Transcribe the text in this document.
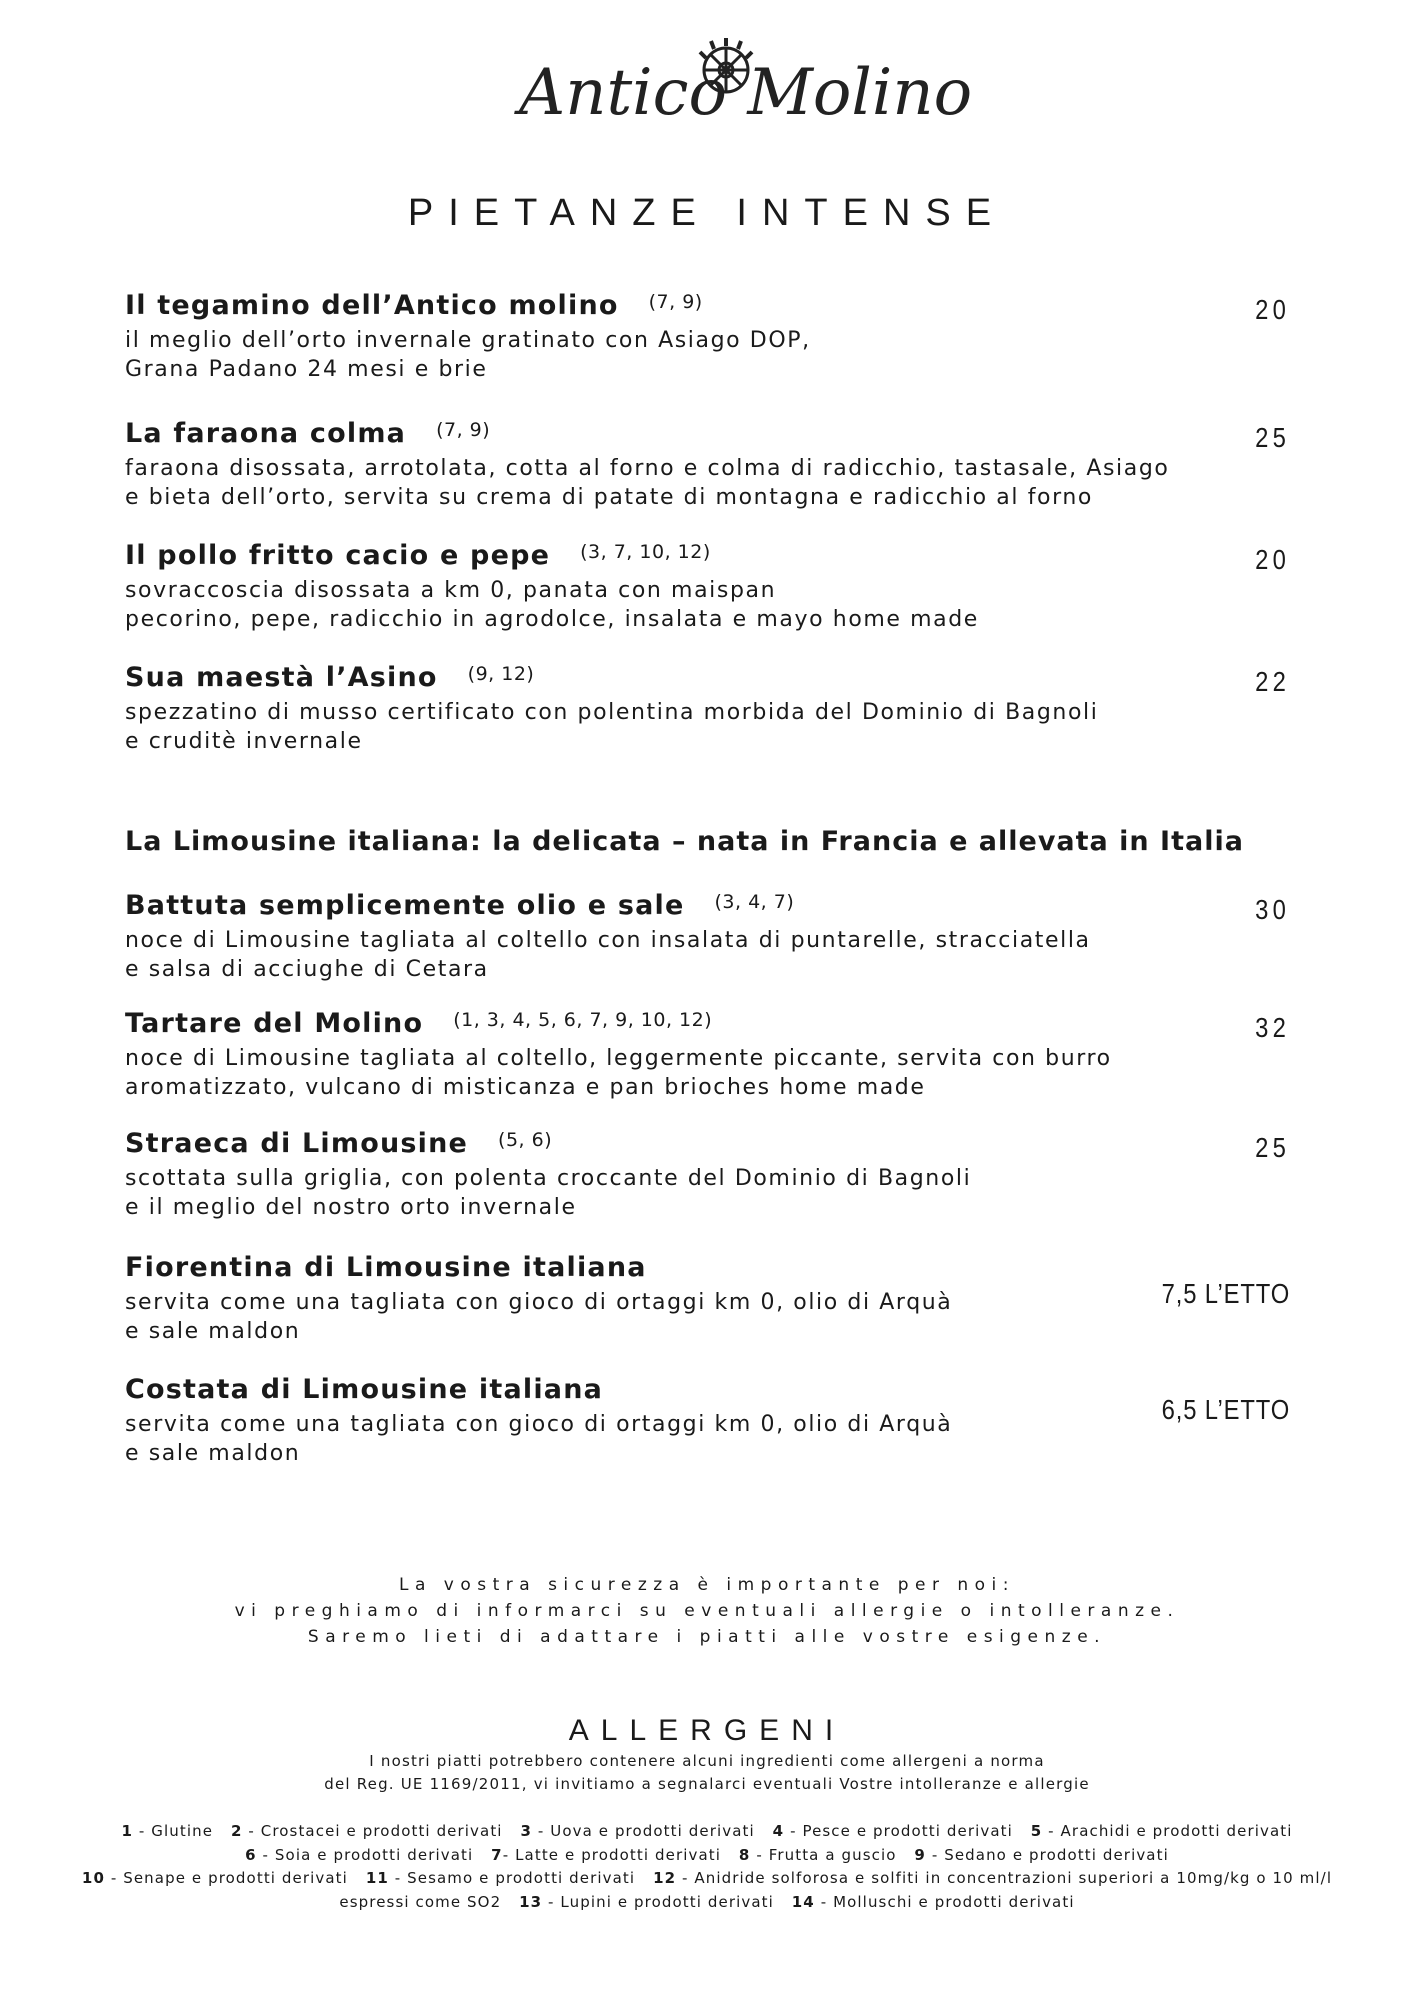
Antico Molino
PIETANZE INTENSE
Il tegamino dell’Antico molino (7, 9)
il meglio dell’orto invernale gratinato con Asiago DOP,
Grana Padano 24 mesi e brie
20
La faraona colma (7, 9)
faraona disossata, arrotolata, cotta al forno e colma di radicchio, tastasale, Asiago
e bieta dell’orto, servita su crema di patate di montagna e radicchio al forno
25
Il pollo fritto cacio e pepe (3, 7, 10, 12)
sovraccoscia disossata a km 0, panata con maispan
pecorino, pepe, radicchio in agrodolce, insalata e mayo home made
20
Sua maestà l’Asino (9, 12)
spezzatino di musso certificato con polentina morbida del Dominio di Bagnoli
e cruditè invernale
22
La Limousine italiana: la delicata – nata in Francia e allevata in Italia
Battuta semplicemente olio e sale (3, 4, 7)
noce di Limousine tagliata al coltello con insalata di puntarelle, stracciatella
e salsa di acciughe di Cetara
30
Tartare del Molino (1, 3, 4, 5, 6, 7, 9, 10, 12)
noce di Limousine tagliata al coltello, leggermente piccante, servita con burro
aromatizzato, vulcano di misticanza e pan brioches home made
32
Straeca di Limousine (5, 6)
scottata sulla griglia, con polenta croccante del Dominio di Bagnoli
e il meglio del nostro orto invernale
25
Fiorentina di Limousine italiana
servita come una tagliata con gioco di ortaggi km 0, olio di Arquà
e sale maldon
7,5 L’ETTO
Costata di Limousine italiana
servita come una tagliata con gioco di ortaggi km 0, olio di Arquà
e sale maldon
6,5 L’ETTO
La vostra sicurezza è importante per noi:
vi preghiamo di informarci su eventuali allergie o intolleranze.
Saremo lieti di adattare i piatti alle vostre esigenze.
ALLERGENI
I nostri piatti potrebbero contenere alcuni ingredienti come allergeni a norma
del Reg. UE 1169/2011, vi invitiamo a segnalarci eventuali Vostre intolleranze e allergie
1 - Glutine 2 - Crostacei e prodotti derivati 3 - Uova e prodotti derivati 4 - Pesce e prodotti derivati 5 - Arachidi e prodotti derivati
6 - Soia e prodotti derivati 7- Latte e prodotti derivati 8 - Frutta a guscio 9 - Sedano e prodotti derivati
10 - Senape e prodotti derivati 11 - Sesamo e prodotti derivati 12 - Anidride solforosa e solfiti in concentrazioni superiori a 10mg/kg o 10 ml/l
espressi come SO2 13 - Lupini e prodotti derivati 14 - Molluschi e prodotti derivati
